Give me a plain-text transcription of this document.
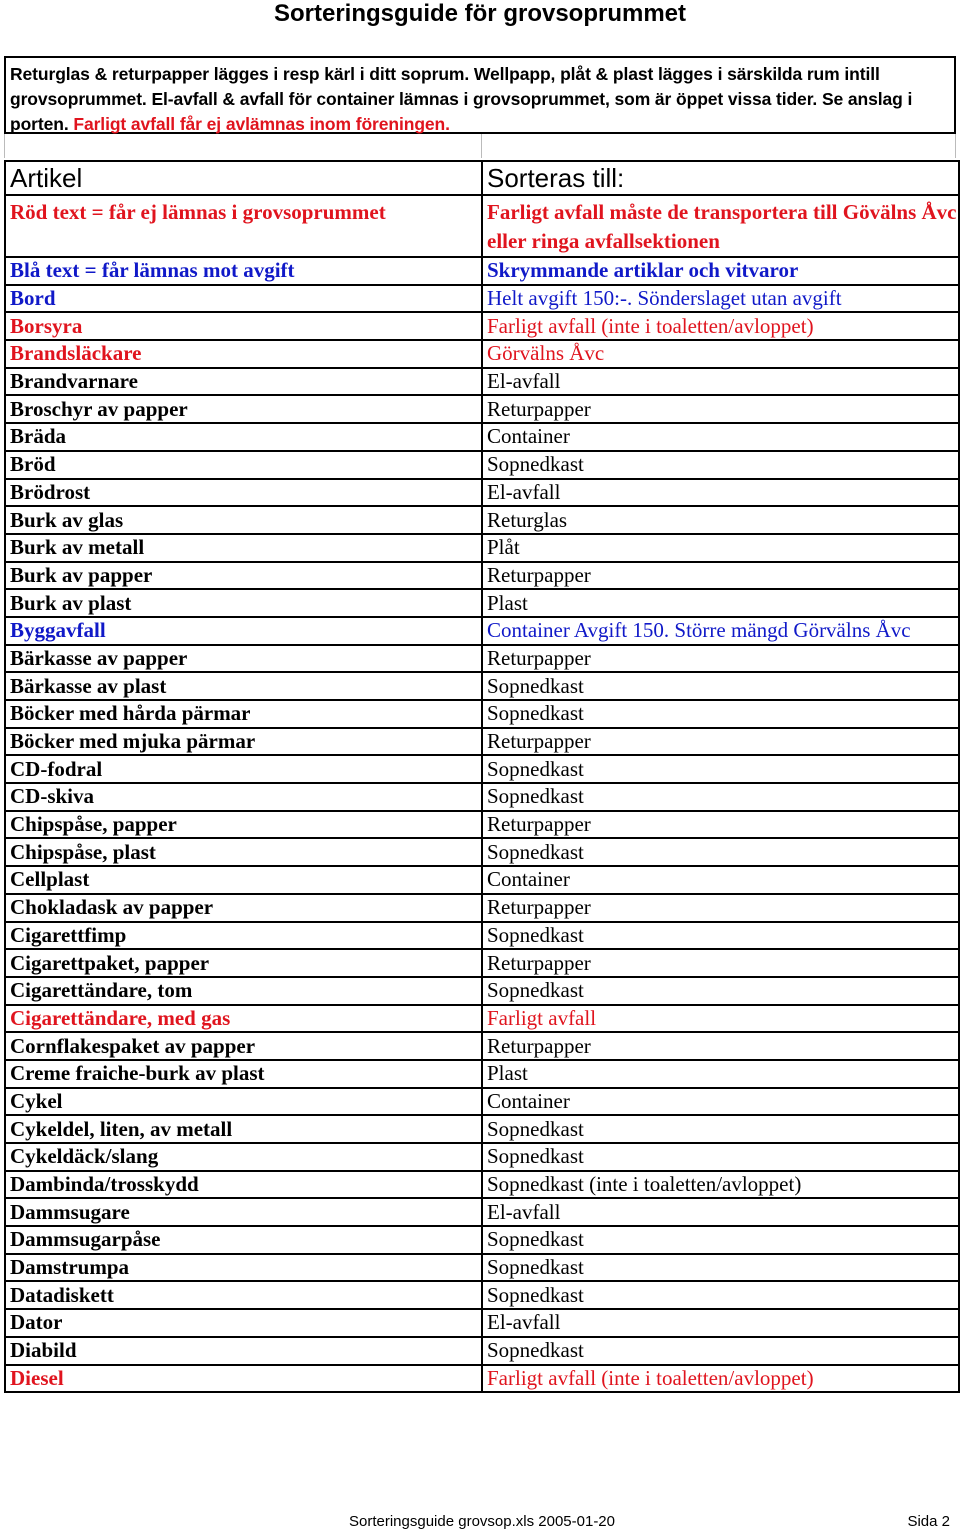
Sorteringsguide för grovsoprummet
Returglas & returpapper lägges i resp kärl i ditt soprum. Wellpapp, plåt & plast lägges i särskilda rum intill grovsoprummet. El-avfall & avfall för container lämnas i grovsoprummet, som är öppet vissa tider. Se anslag i porten. Farligt avfall får ej avlämnas inom föreningen.
Artikel	Sorteras till:
Röd text = får ej lämnas i grovsoprummet	Farligt avfall måste de transportera till Gövälns Åvc eller ringa avfallsektionen
Blå text = får lämnas mot avgift	Skrymmande artiklar och vitvaror
Bord	Helt avgift 150:-. Sönderslaget utan avgift
Borsyra	Farligt avfall (inte i toaletten/avloppet)
Brandsläckare	Görvälns Åvc
Brandvarnare	El-avfall
Broschyr av papper	Returpapper
Bräda	Container
Bröd	Sopnedkast
Brödrost	El-avfall
Burk av glas	Returglas
Burk av metall	Plåt
Burk av papper	Returpapper
Burk av plast	Plast
Byggavfall	Container Avgift 150. Större mängd Görvälns Åvc
Bärkasse av papper	Returpapper
Bärkasse av plast	Sopnedkast
Böcker med hårda pärmar	Sopnedkast
Böcker med mjuka pärmar	Returpapper
CD-fodral	Sopnedkast
CD-skiva	Sopnedkast
Chipspåse, papper	Returpapper
Chipspåse, plast	Sopnedkast
Cellplast	Container
Chokladask av papper	Returpapper
Cigarettfimp	Sopnedkast
Cigarettpaket, papper	Returpapper
Cigarettändare, tom	Sopnedkast
Cigarettändare, med gas	Farligt avfall
Cornflakespaket av papper	Returpapper
Creme fraiche-burk av plast	Plast
Cykel	Container
Cykeldel, liten, av metall	Sopnedkast
Cykeldäck/slang	Sopnedkast
Dambinda/trosskydd	Sopnedkast (inte i toaletten/avloppet)
Dammsugare	El-avfall
Dammsugarpåse	Sopnedkast
Damstrumpa	Sopnedkast
Datadiskett	Sopnedkast
Dator	El-avfall
Diabild	Sopnedkast
Diesel	Farligt avfall (inte i toaletten/avloppet)
Sorteringsguide grovsop.xls 2005-01-20	Sida 2
